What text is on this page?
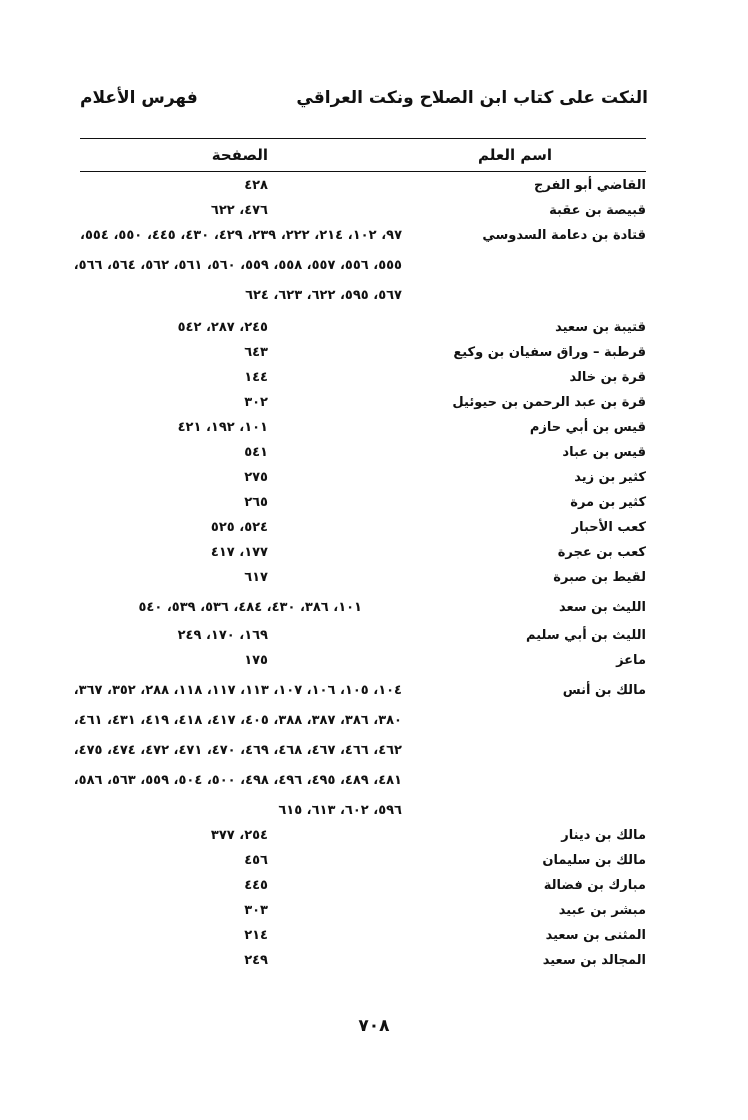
النكت على كتاب ابن الصلاح ونكت العراقي
فهرس الأعلام
اسم العلم
الصفحة
القاضي أبو الفرج
٤٢٨
قبيصة بن عقبة
٤٧٦، ٦٢٢
قتادة بن دعامة السدوسي
٩٧، ١٠٢، ٢١٤، ٢٢٢، ٢٣٩، ٤٢٩، ٤٣٠، ٤٤٥، ٥٥٠، ٥٥٤،
٥٥٥، ٥٥٦، ٥٥٧، ٥٥٨، ٥٥٩، ٥٦٠، ٥٦١، ٥٦٢، ٥٦٤، ٥٦٦،
٥٦٧، ٥٩٥، ٦٢٢، ٦٢٣، ٦٢٤
قتيبة بن سعيد
٢٤٥، ٢٨٧، ٥٤٢
قرطبة – وراق سفيان بن وكيع
٦٤٣
قرة بن خالد
١٤٤
قرة بن عبد الرحمن بن حيوئيل
٣٠٢
قيس بن أبي حازم
١٠١، ١٩٢، ٤٢١
قيس بن عباد
٥٤١
كثير بن زيد
٢٧٥
كثير بن مرة
٢٦٥
كعب الأحبار
٥٢٤، ٥٢٥
كعب بن عجرة
١٧٧، ٤١٧
لقيط بن صبرة
٦١٧
الليث بن سعد
١٠١، ٣٨٦، ٤٣٠، ٤٨٤، ٥٣٦، ٥٣٩، ٥٤٠
الليث بن أبي سليم
١٦٩، ١٧٠، ٢٤٩
ماعز
١٧٥
مالك بن أنس
١٠٤، ١٠٥، ١٠٦، ١٠٧، ١١٣، ١١٧، ١١٨، ٢٨٨، ٣٥٢، ٣٦٧،
٣٨٠، ٣٨٦، ٣٨٧، ٣٨٨، ٤٠٥، ٤١٧، ٤١٨، ٤١٩، ٤٣١، ٤٦١،
٤٦٢، ٤٦٦، ٤٦٧، ٤٦٨، ٤٦٩، ٤٧٠، ٤٧١، ٤٧٢، ٤٧٤، ٤٧٥،
٤٨١، ٤٨٩، ٤٩٥، ٤٩٦، ٤٩٨، ٥٠٠، ٥٠٤، ٥٥٩، ٥٦٣، ٥٨٦،
٥٩٦، ٦٠٢، ٦١٣، ٦١٥
مالك بن دينار
٢٥٤، ٣٧٧
مالك بن سليمان
٤٥٦
مبارك بن فضالة
٤٤٥
مبشر بن عبيد
٣٠٣
المثنى بن سعيد
٢١٤
المجالد بن سعيد
٢٤٩
٧٠٨
